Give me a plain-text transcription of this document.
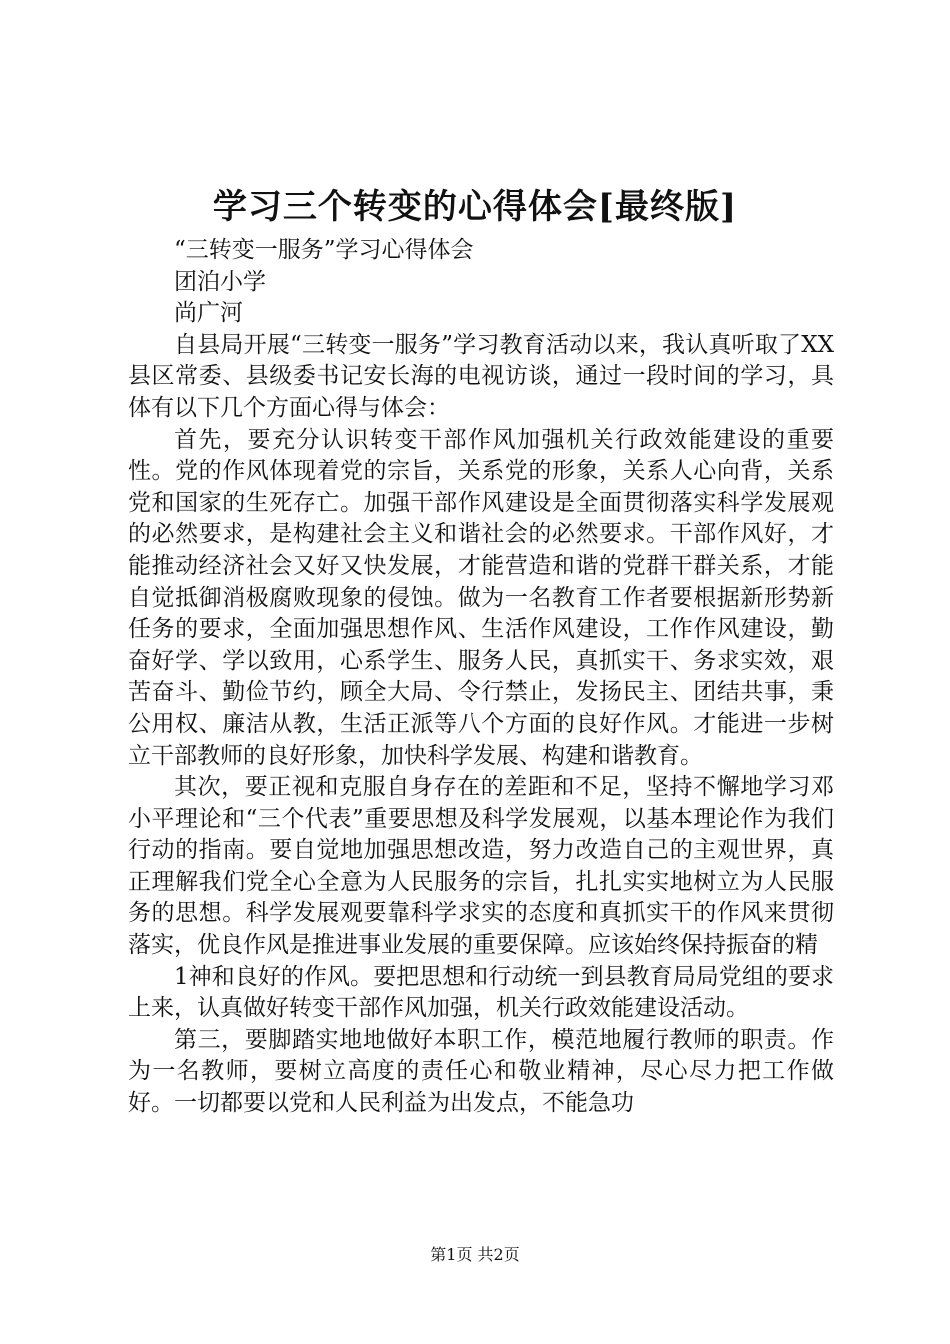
学习三个转变的心得体会[最终版]

“三转变一服务”学习心得体会

团泊小学

尚广河

自县局开展“三转变一服务”学习教育活动以来，我认真听取了XX县区常委、县级委书记安长海的电视访谈，通过一段时间的学习，具体有以下几个方面心得与体会：

首先，要充分认识转变干部作风加强机关行政效能建设的重要性。党的作风体现着党的宗旨，关系党的形象，关系人心向背，关系党和国家的生死存亡。加强干部作风建设是全面贯彻落实科学发展观的必然要求，是构建社会主义和谐社会的必然要求。干部作风好，才能推动经济社会又好又快发展，才能营造和谐的党群干群关系，才能自觉抵御消极腐败现象的侵蚀。做为一名教育工作者要根据新形势新任务的要求，全面加强思想作风、生活作风建设，工作作风建设，勤奋好学、学以致用，心系学生、服务人民，真抓实干、务求实效，艰苦奋斗、勤俭节约，顾全大局、令行禁止，发扬民主、团结共事，秉公用权、廉洁从教，生活正派等八个方面的良好作风。才能进一步树立干部教师的良好形象，加快科学发展、构建和谐教育。

其次，要正视和克服自身存在的差距和不足，坚持不懈地学习邓小平理论和“三个代表”重要思想及科学发展观，以基本理论作为我们行动的指南。要自觉地加强思想改造，努力改造自己的主观世界，真正理解我们党全心全意为人民服务的宗旨，扎扎实实地树立为人民服务的思想。科学发展观要靠科学求实的态度和真抓实干的作风来贯彻落实，优良作风是推进事业发展的重要保障。应该始终保持振奋的精

1神和良好的作风。要把思想和行动统一到县教育局局党组的要求上来，认真做好转变干部作风加强，机关行政效能建设活动。

第三，要脚踏实地地做好本职工作，模范地履行教师的职责。作为一名教师，要树立高度的责任心和敬业精神，尽心尽力把工作做好。一切都要以党和人民利益为出发点，不能急功

第1页 共2页
